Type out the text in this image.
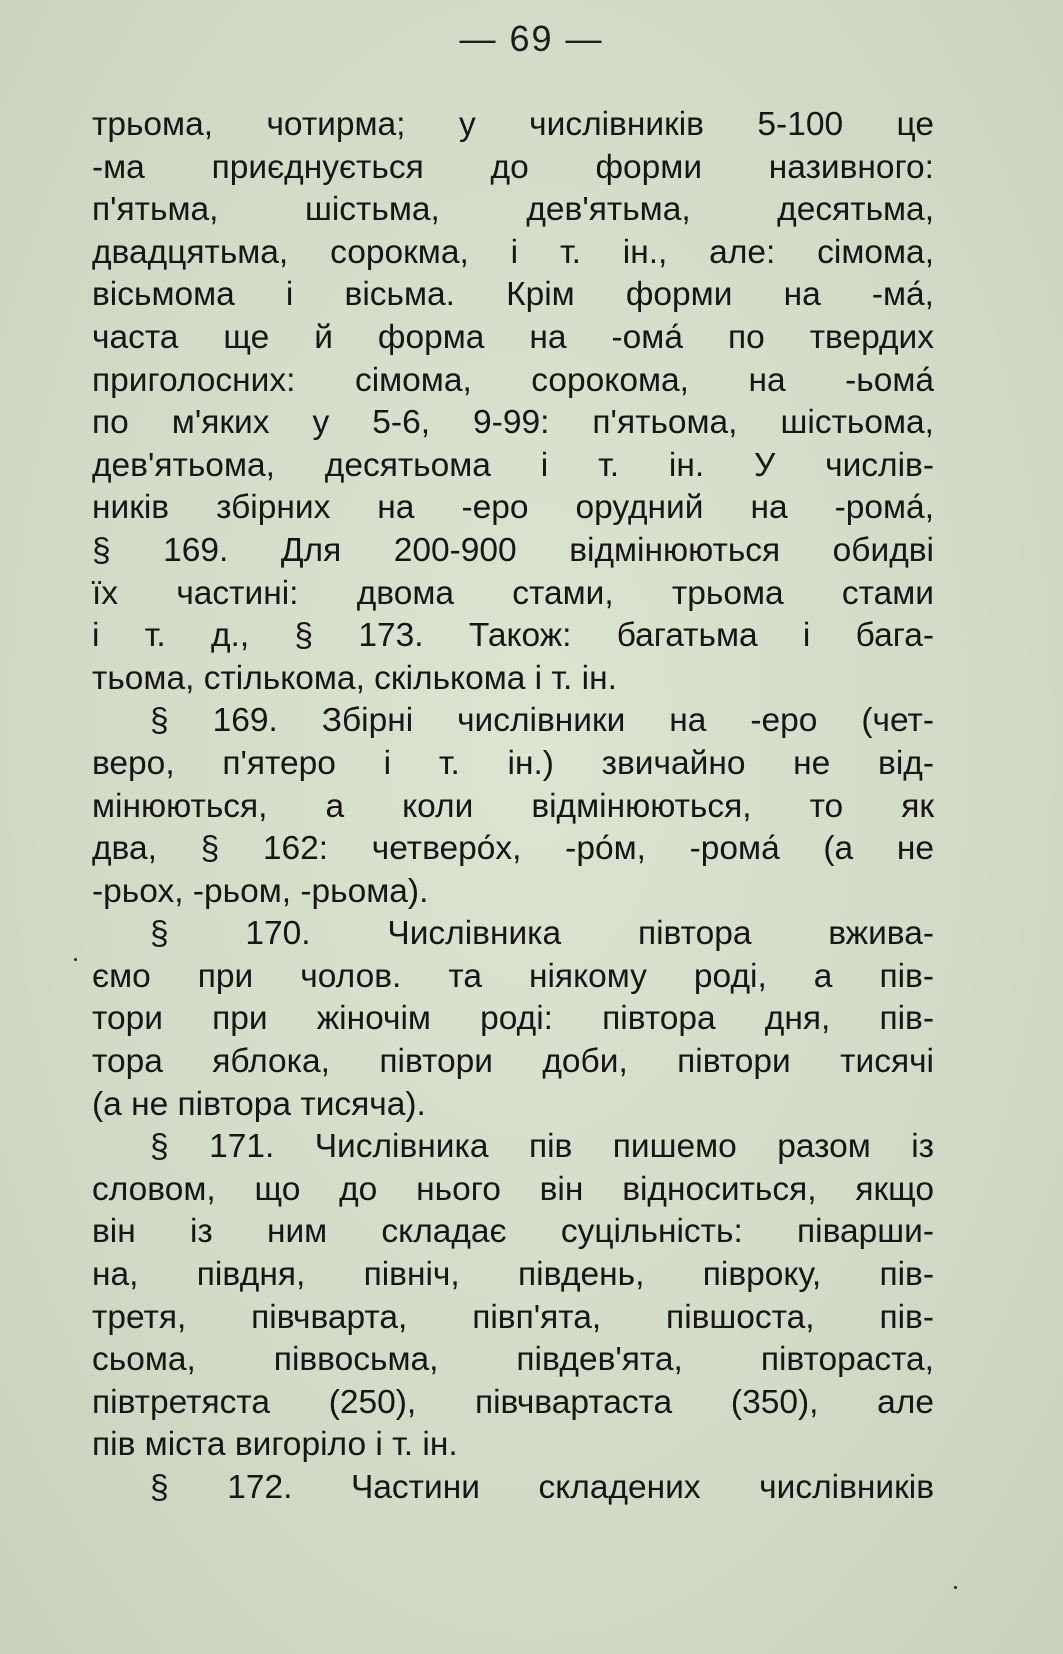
— 69 —
трьома, чотирма; у числівників 5-100 це
-ма приєднується до форми називного:
п'ятьма, шістьма, дев'ятьма, десятьма,
двадцятьма, сорокма, і т. ін., але: сімома,
вісьмома і вісьма. Крім форми на -ма́,
часта ще й форма на -ома́ по твердих
приголосних: сімома, сорокома, на -ьома́
по м'яких у 5-6, 9-99: п'ятьома, шістьома,
дев'ятьома, десятьома і т. ін. У числів-
ників збірних на -еро орудний на -рома́,
§ 169. Для 200-900 відмінюються обидві
їх частині: двома стами, трьома стами
і т. д., § 173. Також: багатьма і бага-
тьома, стількома, скількома і т. ін.
§ 169. Збірні числівники на -еро (чет-
веро, п'ятеро і т. ін.) звичайно не від-
мінюються, а коли відмінюються, то як
два, § 162: четверо́х, -ро́м, -рома́ (а не
-рьох, -рьом, -рьома).
§ 170. Числівника півтора вжива-
ємо при чолов. та ніякому роді, а пів-
тори при жіночім роді: півтора дня, пів-
тора яблока, півтори доби, півтори тисячі
(а не півтора тисяча).
§ 171. Числівника пів пишемо разом із
словом, що до нього він відноситься, якщо
він із ним складає суцільність: піварши-
на, півдня, північ, південь, півроку, пів-
третя, півчварта, півп'ята, півшоста, пів-
сьома, піввосьма, півдев'ята, півтораста,
півтретяста (250), півчвартаста (350), але
пів міста вигоріло і т. ін.
§ 172. Частини складених числівників
